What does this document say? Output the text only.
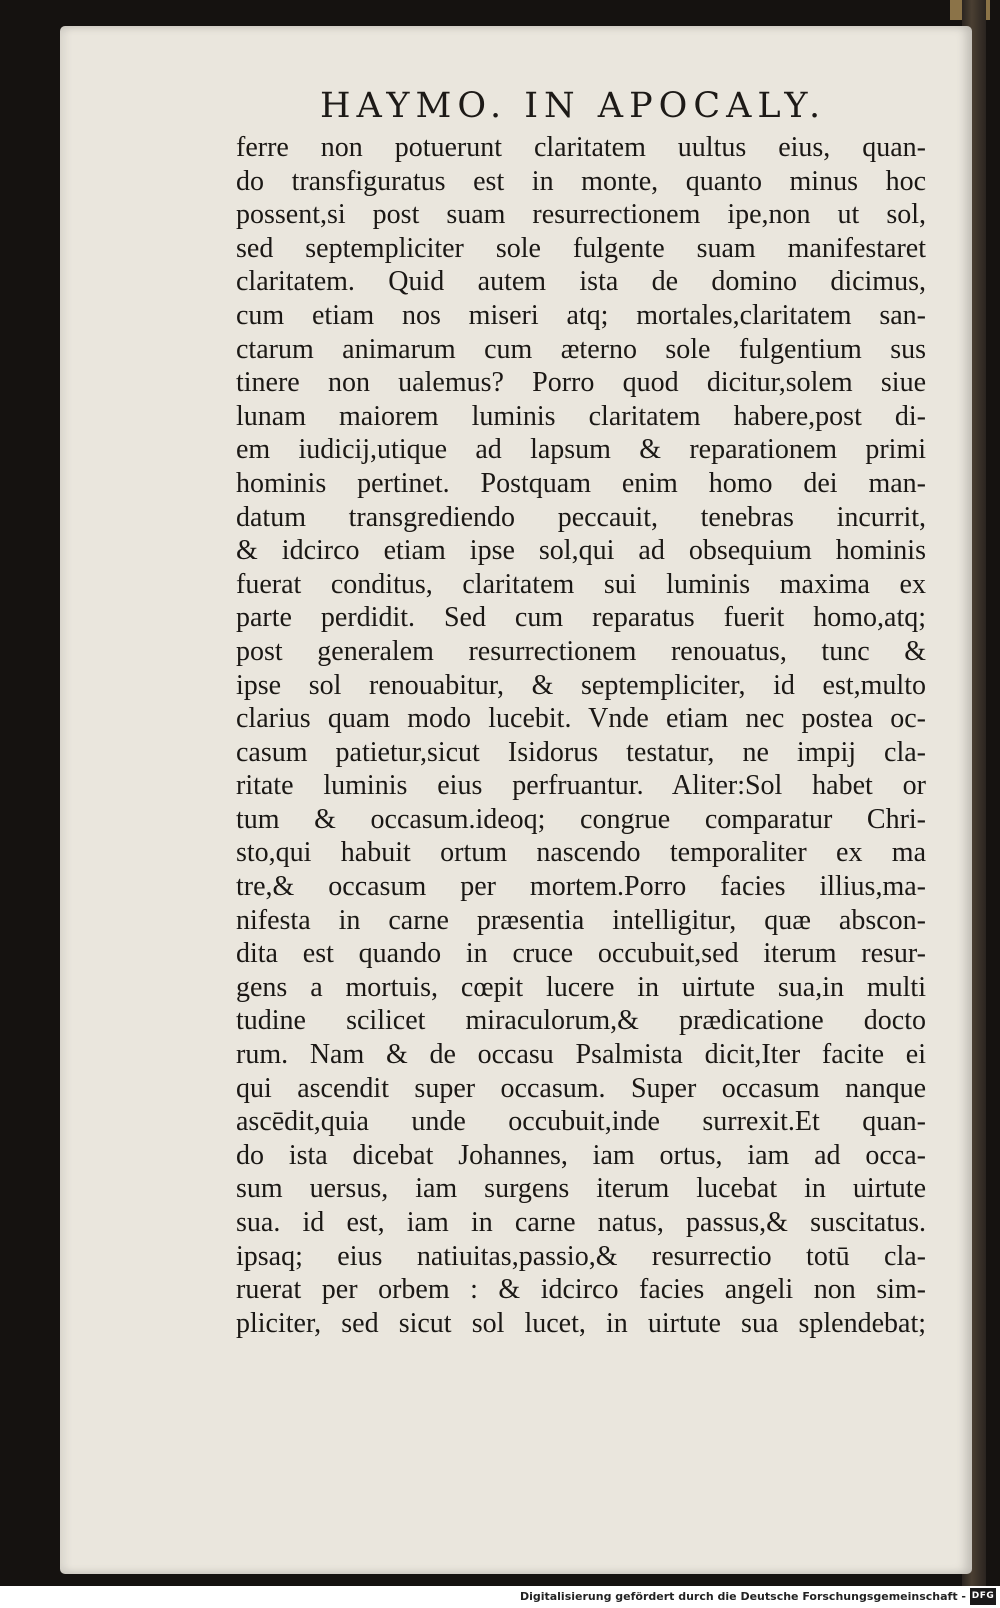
HAYMO. IN APOCALY.
ferre non potuerunt claritatem uultus eius, quan-
do transfiguratus est in monte, quanto minus hoc
possent,si post suam resurrectionem ipe,non ut sol,
sed septempliciter sole fulgente suam manifestaret
claritatem. Quid autem ista de domino dicimus,
cum etiam nos miseri atq; mortales,claritatem san-
ctarum animarum cum æterno sole fulgentium sus
tinere non ualemus? Porro quod dicitur,solem siue
lunam maiorem luminis claritatem habere,post di-
em iudicij,utique ad lapsum & reparationem primi
hominis pertinet. Postquam enim homo dei man-
datum transgrediendo peccauit, tenebras incurrit,
& idcirco etiam ipse sol,qui ad obsequium hominis
fuerat conditus, claritatem sui luminis maxima ex
parte perdidit. Sed cum reparatus fuerit homo,atq;
post generalem resurrectionem renouatus, tunc &
ipse sol renouabitur, & septempliciter, id est,multo
clarius quam modo lucebit. Vnde etiam nec postea oc-
casum patietur,sicut Isidorus testatur, ne impij cla-
ritate luminis eius perfruantur. Aliter:Sol habet or
tum & occasum.ideoq; congrue comparatur Chri-
sto,qui habuit ortum nascendo temporaliter ex ma
tre,& occasum per mortem.Porro facies illius,ma-
nifesta in carne præsentia intelligitur, quæ abscon-
dita est quando in cruce occubuit,sed iterum resur-
gens a mortuis, cœpit lucere in uirtute sua,in multi
tudine scilicet miraculorum,& prædicatione docto
rum. Nam & de occasu Psalmista dicit,Iter facite ei
qui ascendit super occasum. Super occasum nanque
ascēdit,quia unde occubuit,inde surrexit.Et quan-
do ista dicebat Johannes, iam ortus, iam ad occa-
sum uersus, iam surgens iterum lucebat in uirtute
sua. id est, iam in carne natus, passus,& suscitatus.
ipsaq; eius natiuitas,passio,& resurrectio totū cla-
ruerat per orbem : & idcirco facies angeli non sim-
pliciter, sed sicut sol lucet, in uirtute sua splendebat;
Digitalisierung gefördert durch die Deutsche Forschungsgemeinschaft - DFG
